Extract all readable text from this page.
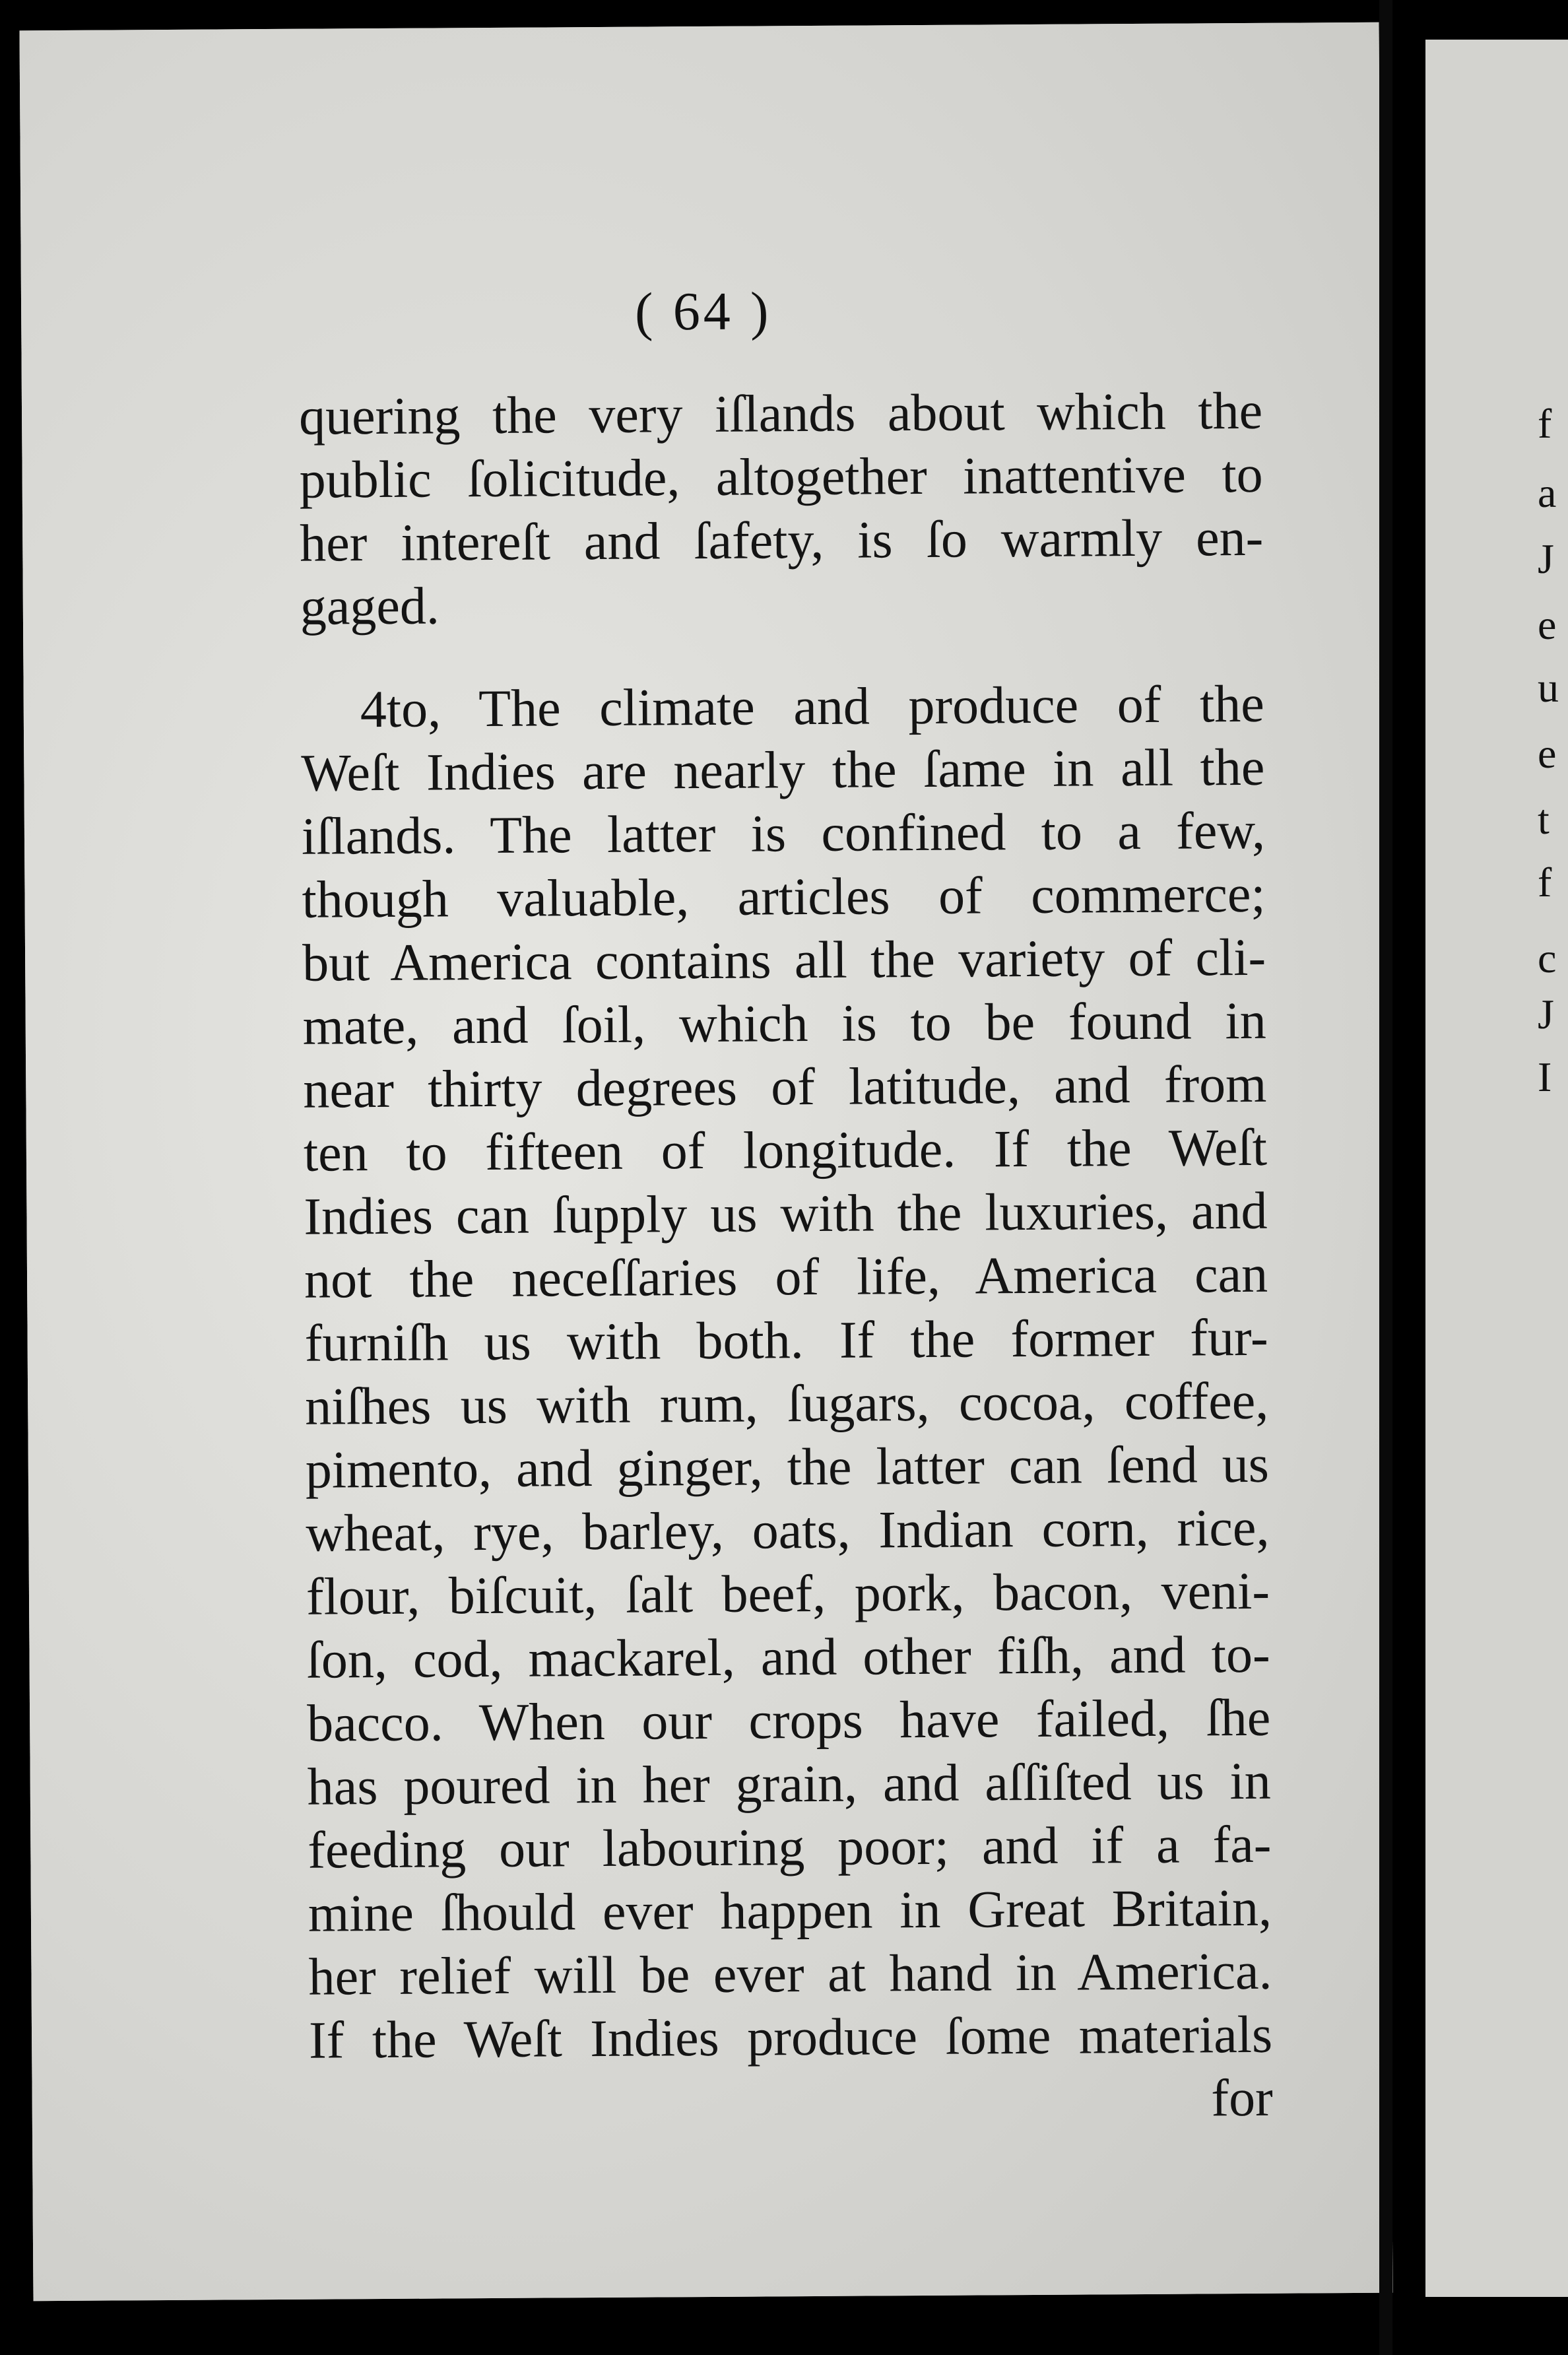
( 64 )
quering the very iſlands about which the
public ſolicitude, altogether inattentive to
her intereſt and ſafety, is ſo warmly en-
gaged.
4to, The climate and produce of the
Weſt Indies are nearly the ſame in all the
iſlands. The latter is confined to a few,
though valuable, articles of commerce;
but America contains all the variety of cli-
mate, and ſoil, which is to be found in
near thirty degrees of latitude, and from
ten to fifteen of longitude. If the Weſt
Indies can ſupply us with the luxuries, and
not the neceſſaries of life, America can
furniſh us with both. If the former fur-
niſhes us with rum, ſugars, cocoa, coffee,
pimento, and ginger, the latter can ſend us
wheat, rye, barley, oats, Indian corn, rice,
flour, biſcuit, ſalt beef, pork, bacon, veni-
ſon, cod, mackarel, and other fiſh, and to-
bacco. When our crops have failed, ſhe
has poured in her grain, and aſſiſted us in
feeding our labouring poor; and if a fa-
mine ſhould ever happen in Great Britain,
her relief will be ever at hand in America.
If the Weſt Indies produce ſome materials
for
f
a
J
e
u
e
t
f
c
J
I
